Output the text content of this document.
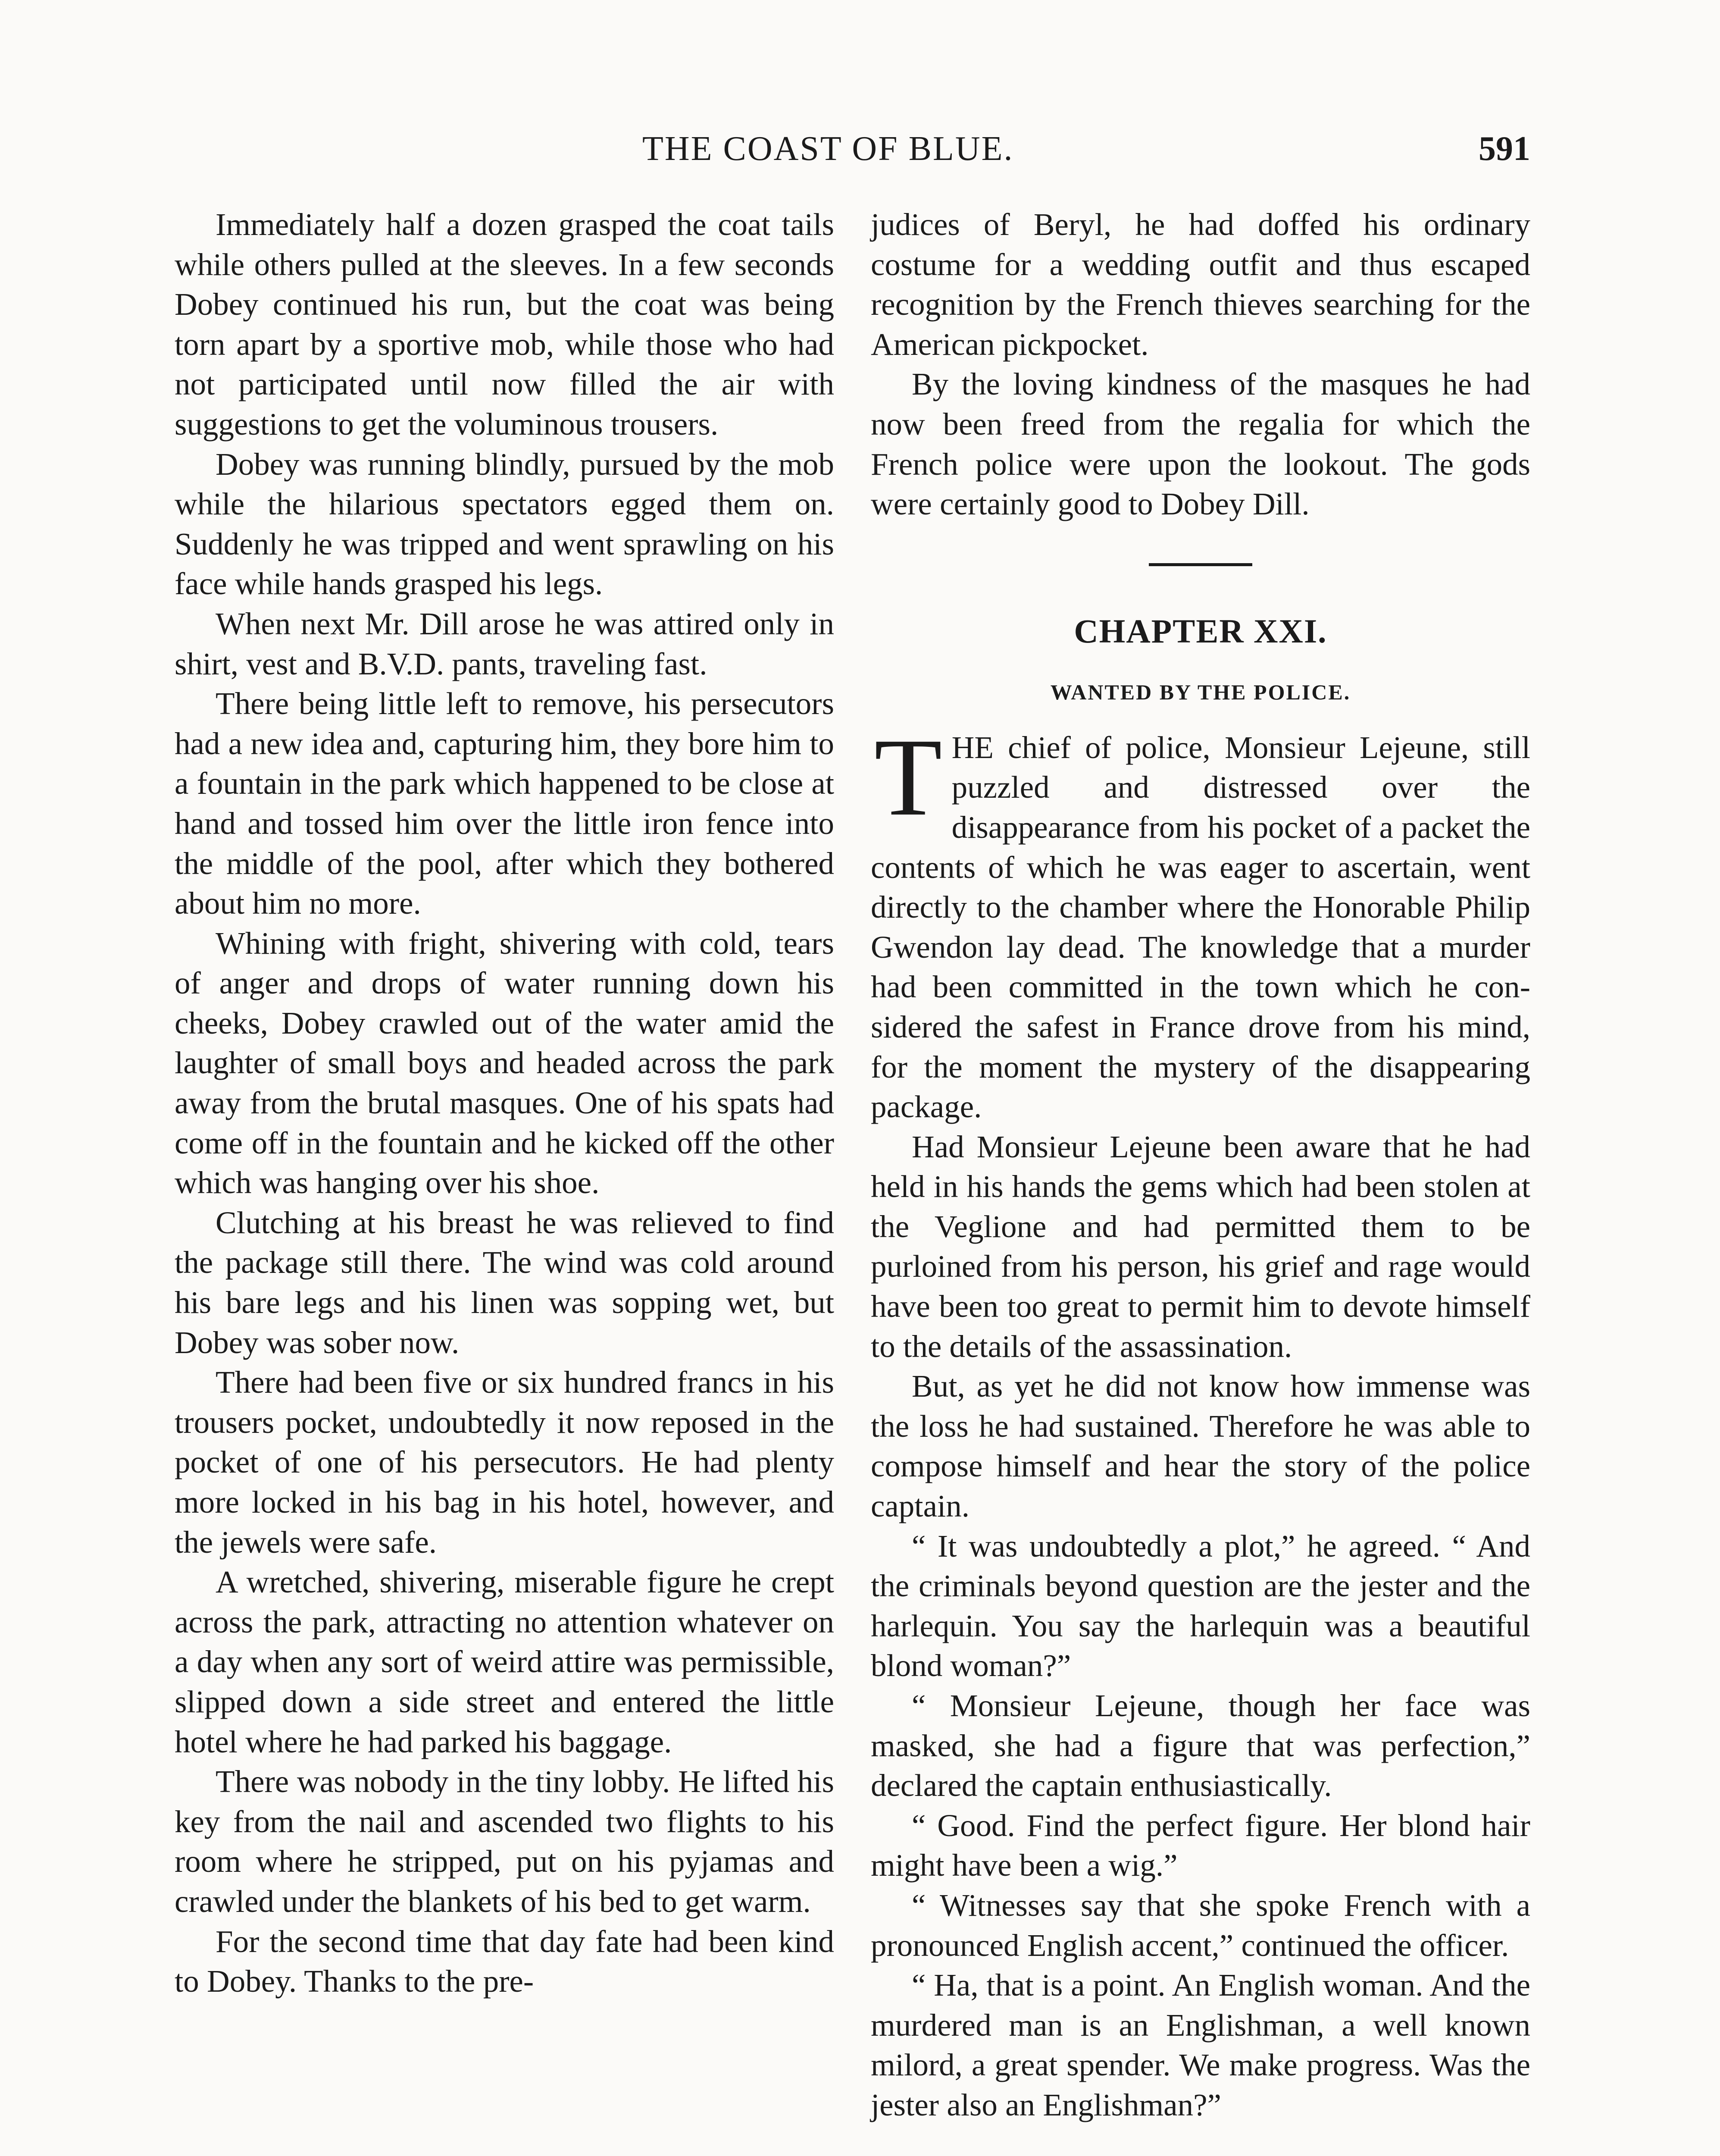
THE COAST OF BLUE.	591

Immediately half a dozen grasped the coat tails while others pulled at the sleeves. In a few seconds Dobey continued his run, but the coat was being torn apart by a sportive mob, while those who had not participated until now filled the air with suggestions to get the voluminous trousers.

Dobey was running blindly, pursued by the mob while the hilarious spectators egged them on. Suddenly he was tripped and went sprawling on his face while hands grasped his legs.

When next Mr. Dill arose he was attired only in shirt, vest and B.V.D. pants, traveling fast.

There being little left to remove, his persecutors had a new idea and, capturing him, they bore him to a fountain in the park which happened to be close at hand and tossed him over the little iron fence into the middle of the pool, after which they bothered about him no more.

Whining with fright, shivering with cold, tears of anger and drops of water running down his cheeks, Dobey crawled out of the water amid the laughter of small boys and headed across the park away from the brutal masques. One of his spats had come off in the fountain and he kicked off the other which was hanging over his shoe.

Clutching at his breast he was relieved to find the package still there. The wind was cold around his bare legs and his linen was sopping wet, but Dobey was sober now.

There had been five or six hundred francs in his trousers pocket, undoubtedly it now reposed in the pocket of one of his persecutors. He had plenty more locked in his bag in his hotel, however, and the jewels were safe.

A wretched, shivering, miserable figure he crept across the park, attracting no attention whatever on a day when any sort of weird attire was permissible, slipped down a side street and entered the little hotel where he had parked his baggage.

There was nobody in the tiny lobby. He lifted his key from the nail and ascended two flights to his room where he stripped, put on his pyjamas and crawled under the blankets of his bed to get warm.

For the second time that day fate had been kind to Dobey. Thanks to the pre-

judices of Beryl, he had doffed his ordinary costume for a wedding outfit and thus escaped recognition by the French thieves searching for the American pickpocket.

By the loving kindness of the masques he had now been freed from the regalia for which the French police were upon the lookout. The gods were certainly good to Dobey Dill.

CHAPTER XXI.
WANTED BY THE POLICE.

THE chief of police, Monsieur Lejeune, still puzzled and distressed over the disappearance from his pocket of a packet the contents of which he was eager to ascertain, went directly to the chamber where the Honorable Philip Gwendon lay dead. The knowledge that a murder had been committed in the town which he considered the safest in France drove from his mind, for the moment the mystery of the disappearing package.

Had Monsieur Lejeune been aware that he had held in his hands the gems which had been stolen at the Veglione and had permitted them to be purloined from his person, his grief and rage would have been too great to permit him to devote himself to the details of the assassination.

But, as yet he did not know how immense was the loss he had sustained. Therefore he was able to compose himself and hear the story of the police captain.

“ It was undoubtedly a plot,” he agreed. “ And the criminals beyond question are the jester and the harlequin. You say the harlequin was a beautiful blond woman?”

“ Monsieur Lejeune, though her face was masked, she had a figure that was perfection,” declared the captain enthusiastically.

“ Good. Find the perfect figure. Her blond hair might have been a wig.”

“ Witnesses say that she spoke French with a pronounced English accent,” continued the officer.

“ Ha, that is a point. An English woman. And the murdered man is an Englishman, a well known milord, a great spender. We make progress. Was the jester also an Englishman?”
